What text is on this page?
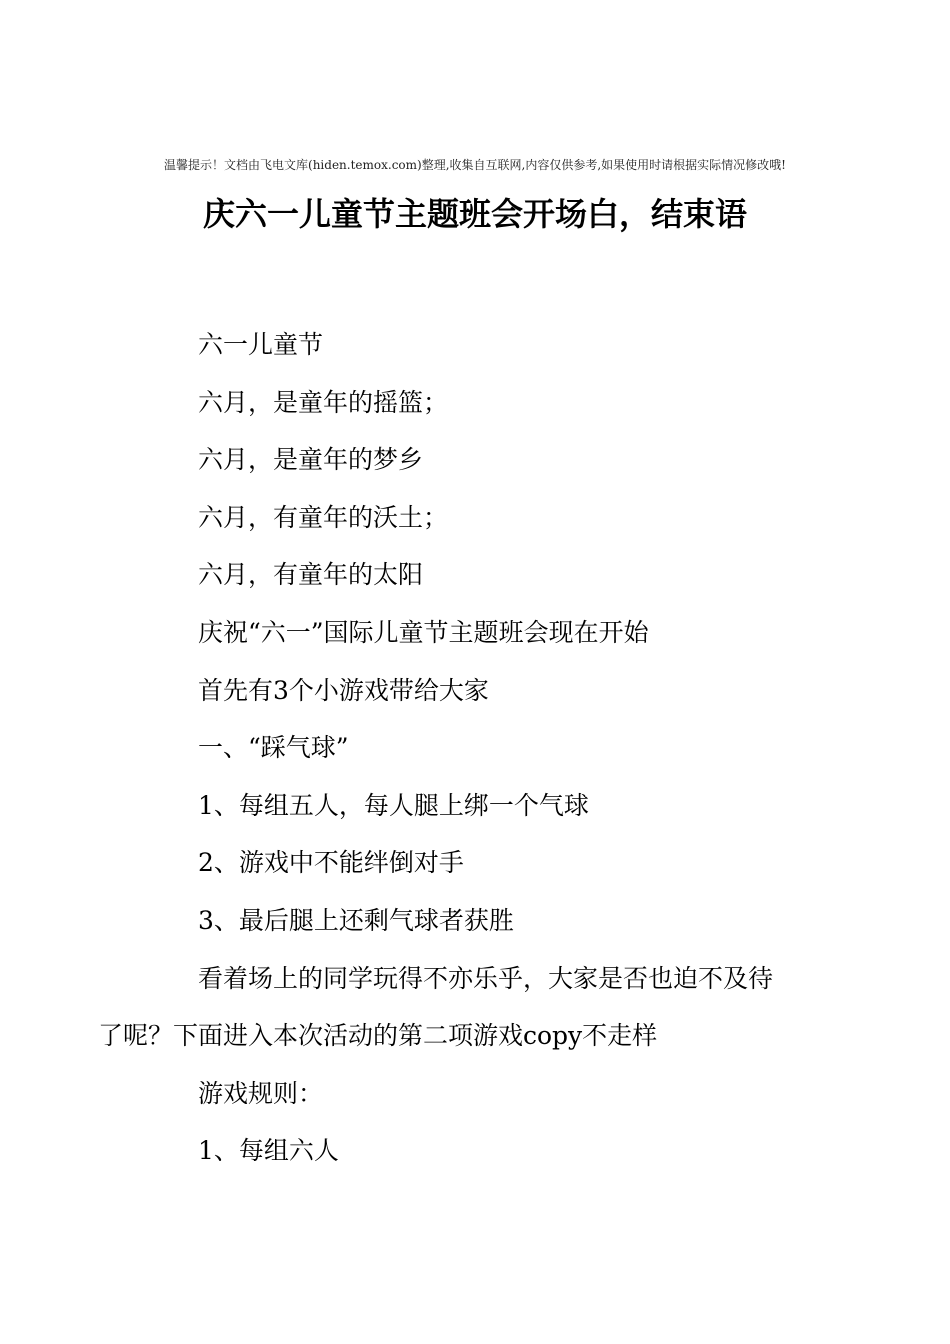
温馨提示！文档由飞电文库(hiden.temox.com)整理,收集自互联网,内容仅供参考,如果使用时请根据实际情况修改哦!
庆六一儿童节主题班会开场白，结束语

六一儿童节

六月，是童年的摇篮；

六月，是童年的梦乡

六月，有童年的沃土；

六月，有童年的太阳

庆祝“六一”国际儿童节主题班会现在开始

首先有3个小游戏带给大家

一、“踩气球”

1、每组五人，每人腿上绑一个气球

2、游戏中不能绊倒对手

3、最后腿上还剩气球者获胜

看着场上的同学玩得不亦乐乎，大家是否也迫不及待
了呢？下面进入本次活动的第二项游戏copy不走样

游戏规则：

1、每组六人
